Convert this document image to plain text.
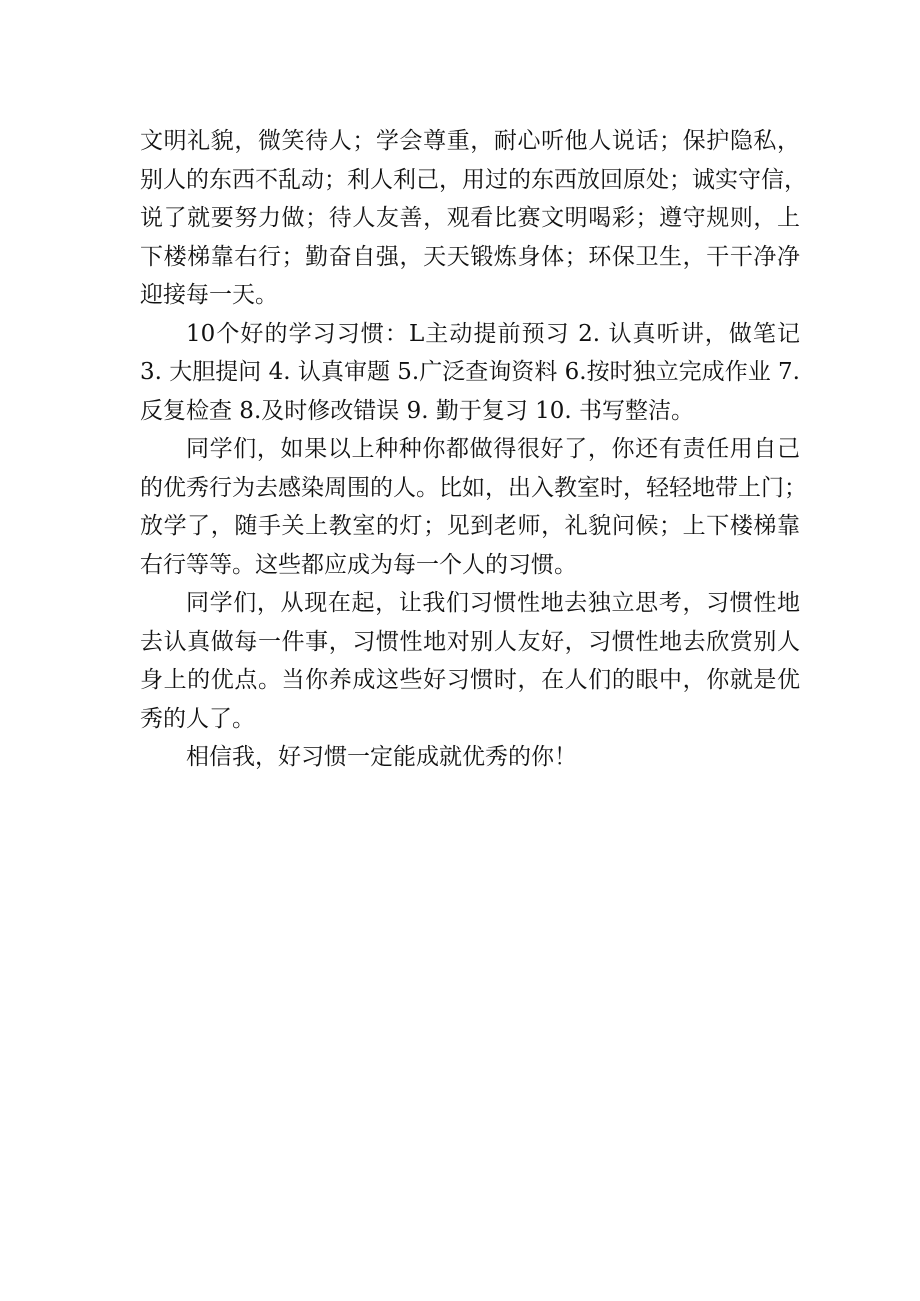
文明礼貌，微笑待人；学会尊重，耐心听他人说话；保护隐私，
别人的东西不乱动；利人利己，用过的东西放回原处；诚实守信，
说了就要努力做；待人友善，观看比赛文明喝彩；遵守规则，上
下楼梯靠右行；勤奋自强，天天锻炼身体；环保卫生，干干净净
迎接每一天。
10个好的学习习惯：L主动提前预习 2. 认真听讲，做笔记
3. 大胆提问 4. 认真审题 5.广泛查询资料 6.按时独立完成作业 7.
反复检查 8.及时修改错误 9. 勤于复习 10. 书写整洁。
同学们，如果以上种种你都做得很好了，你还有责任用自己
的优秀行为去感染周围的人。比如，出入教室时，轻轻地带上门；
放学了，随手关上教室的灯；见到老师，礼貌问候；上下楼梯靠
右行等等。这些都应成为每一个人的习惯。
同学们，从现在起，让我们习惯性地去独立思考，习惯性地
去认真做每一件事，习惯性地对别人友好，习惯性地去欣赏别人
身上的优点。当你养成这些好习惯时，在人们的眼中，你就是优
秀的人了。
相信我，好习惯一定能成就优秀的你！
